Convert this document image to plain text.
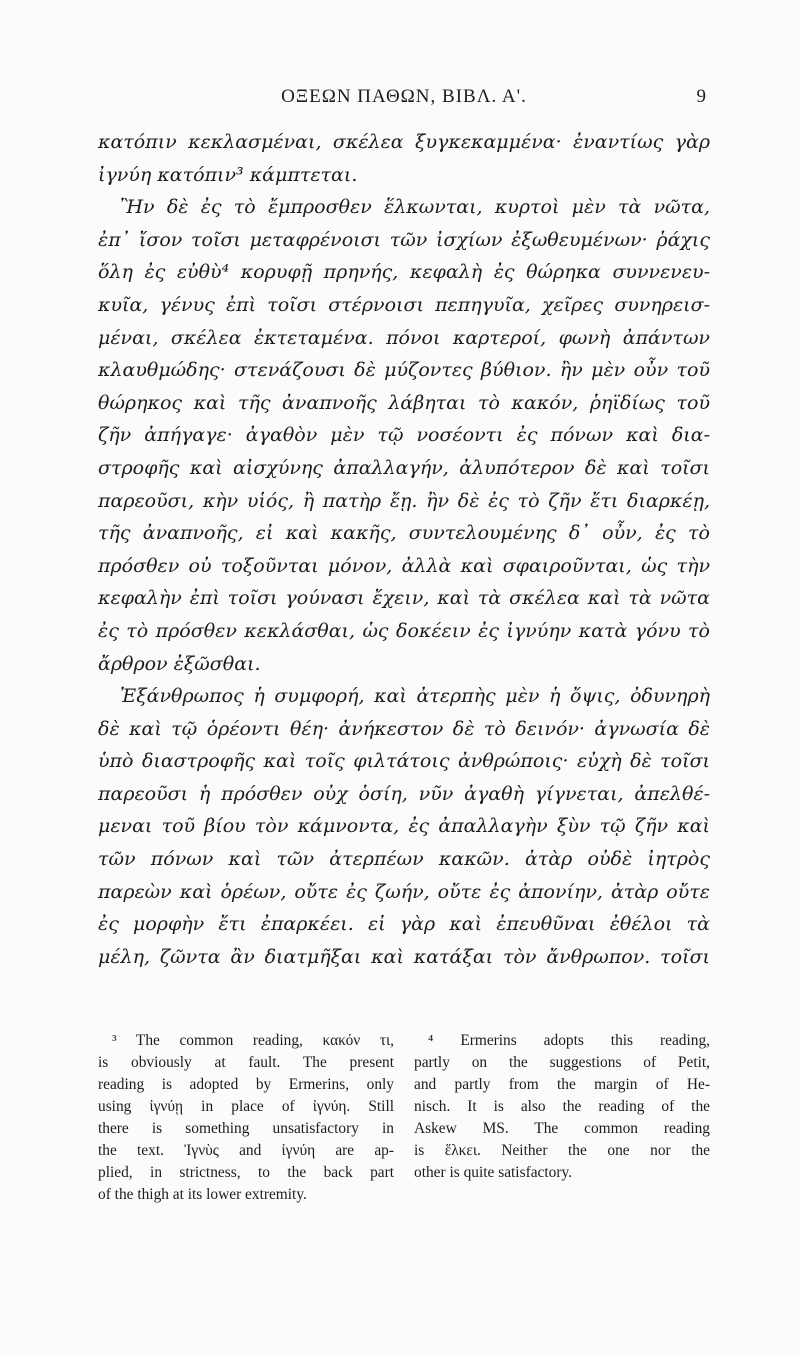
ΟΞΕΩΝ ΠΑΘΩΝ, ΒΙΒΛ. Α'.	9
κατόπιν κεκλασμέναι, σκέλεα ξυγκεκαμμένα· ἐναντίως γὰρ
ἰγνύη κατόπιν³ κάμπτεται.
Ἢν δὲ ἐς τὸ ἔμπροσθεν ἕλκωνται, κυρτοὶ μὲν τὰ νῶτα,
ἐπ᾽ ἴσον τοῖσι μεταφρένοισι τῶν ἰσχίων ἐξωθευμένων· ῥάχις
ὅλη ἐς εὐθὺ⁴ κορυφῇ πρηνής, κεφαλὴ ἐς θώρηκα συννενευ-
κυῖα, γένυς ἐπὶ τοῖσι στέρνοισι πεπηγυῖα, χεῖρες συνηρεισ-
μέναι, σκέλεα ἐκτεταμένα. πόνοι καρτεροί, φωνὴ ἀπάντων
κλαυθμώδης· στενάζουσι δὲ μύζοντες βύθιον. ἢν μὲν οὖν τοῦ
θώρηκος καὶ τῆς ἀναπνοῆς λάβηται τὸ κακόν, ῥηϊδίως τοῦ
ζῆν ἀπήγαγε· ἀγαθὸν μὲν τῷ νοσέοντι ἐς πόνων καὶ δια-
στροφῆς καὶ αἰσχύνης ἀπαλλαγήν, ἀλυπότερον δὲ καὶ τοῖσι
παρεοῦσι, κὴν υἱός, ἢ πατὴρ ἔῃ. ἢν δὲ ἐς τὸ ζῆν ἔτι διαρκέῃ,
τῆς ἀναπνοῆς, εἰ καὶ κακῆς, συντελουμένης δ᾽ οὖν, ἐς τὸ
πρόσθεν οὐ τοξοῦνται μόνον, ἀλλὰ καὶ σφαιροῦνται, ὡς τὴν
κεφαλὴν ἐπὶ τοῖσι γούνασι ἔχειν, καὶ τὰ σκέλεα καὶ τὰ νῶτα
ἐς τὸ πρόσθεν κεκλάσθαι, ὡς δοκέειν ἐς ἰγνύην κατὰ γόνυ τὸ
ἄρθρον ἐξῶσθαι.
Ἐξάνθρωπος ἡ συμφορή, καὶ ἀτερπὴς μὲν ἡ ὄψις, ὀδυνηρὴ
δὲ καὶ τῷ ὁρέοντι θέη· ἀνήκεστον δὲ τὸ δεινόν· ἀγνωσία δὲ
ὑπὸ διαστροφῆς καὶ τοῖς φιλτάτοις ἀνθρώποις· εὐχὴ δὲ τοῖσι
παρεοῦσι ἡ πρόσθεν οὐχ ὁσίη, νῦν ἀγαθὴ γίγνεται, ἀπελθέ-
μεναι τοῦ βίου τὸν κάμνοντα, ἐς ἀπαλλαγὴν ξὺν τῷ ζῆν καὶ
τῶν πόνων καὶ τῶν ἀτερπέων κακῶν. ἀτὰρ οὐδὲ ἰητρὸς
παρεὼν καὶ ὁρέων, οὔτε ἐς ζωήν, οὔτε ἐς ἀπονίην, ἀτὰρ οὔτε
ἐς μορφὴν ἔτι ἐπαρκέει. εἰ γὰρ καὶ ἐπευθῦναι ἐθέλοι τὰ
μέλη, ζῶντα ἂν διατμῆξαι καὶ κατάξαι τὸν ἄνθρωπον. τοῖσι
³ The common reading, κακόν τι,
is obviously at fault. The present
reading is adopted by Ermerins, only
using ἰγνύῃ in place of ἰγνύη. Still
there is something unsatisfactory in
the text. Ἰγνὺς and ἰγνύη are ap-
plied, in strictness, to the back part
of the thigh at its lower extremity.
⁴ Ermerins adopts this reading,
partly on the suggestions of Petit,
and partly from the margin of He-
nisch. It is also the reading of the
Askew MS. The common reading
is ἕλκει. Neither the one nor the
other is quite satisfactory.
